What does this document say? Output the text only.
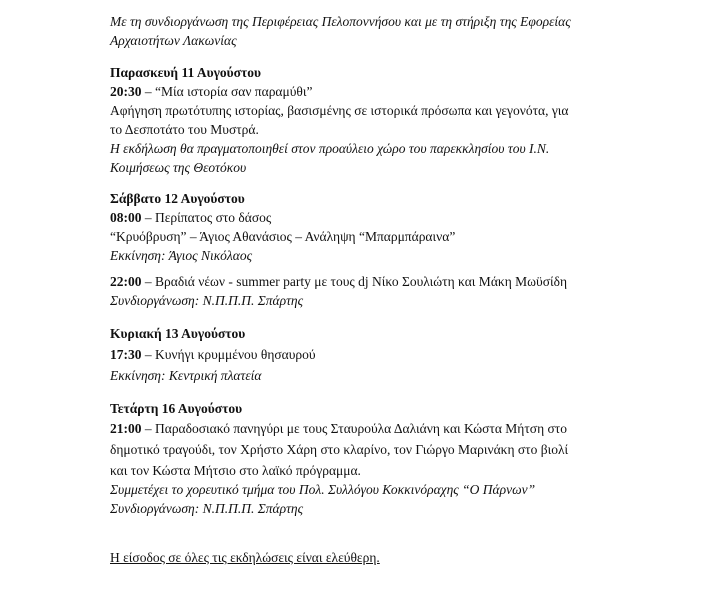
Με τη συνδιοργάνωση της Περιφέρειας Πελοποννήσου και με τη στήριξη της Εφορείας
Αρχαιοτήτων Λακωνίας
Παρασκευή 11 Αυγούστου
20:30 – “Μία ιστορία σαν παραμύθι”
Αφήγηση πρωτότυπης ιστορίας, βασισμένης σε ιστορικά πρόσωπα και γεγονότα, για
το Δεσποτάτο του Μυστρά.
Η εκδήλωση θα πραγματοποιηθεί στον προαύλειο χώρο του παρεκκλησίου του Ι.Ν.
Κοιμήσεως της Θεοτόκου
Σάββατο 12 Αυγούστου
08:00 – Περίπατος στο δάσος
“Κρυόβρυση” – Άγιος Αθανάσιος – Ανάληψη “Μπαρμπάραινα”
Εκκίνηση: Άγιος Νικόλαος
22:00 – Βραδιά νέων - summer party με τους dj Νίκο Σουλιώτη και Μάκη Μωϋσίδη
Συνδιοργάνωση: Ν.Π.Π.Π. Σπάρτης
Κυριακή 13 Αυγούστου
17:30 – Κυνήγι κρυμμένου θησαυρού
Εκκίνηση: Κεντρική πλατεία
Τετάρτη 16 Αυγούστου
21:00 – Παραδοσιακό πανηγύρι με τους Σταυρούλα Δαλιάνη και Κώστα Μήτση στο
δημοτικό τραγούδι, τον Χρήστο Χάρη στο κλαρίνο, τον Γιώργο Μαρινάκη στο βιολί
και τον Κώστα Μήτσιο στο λαϊκό πρόγραμμα.
Συμμετέχει το χορευτικό τμήμα του Πολ. Συλλόγου Κοκκινόραχης “Ο Πάρνων”
Συνδιοργάνωση: Ν.Π.Π.Π. Σπάρτης
Η είσοδος σε όλες τις εκδηλώσεις είναι ελεύθερη.
